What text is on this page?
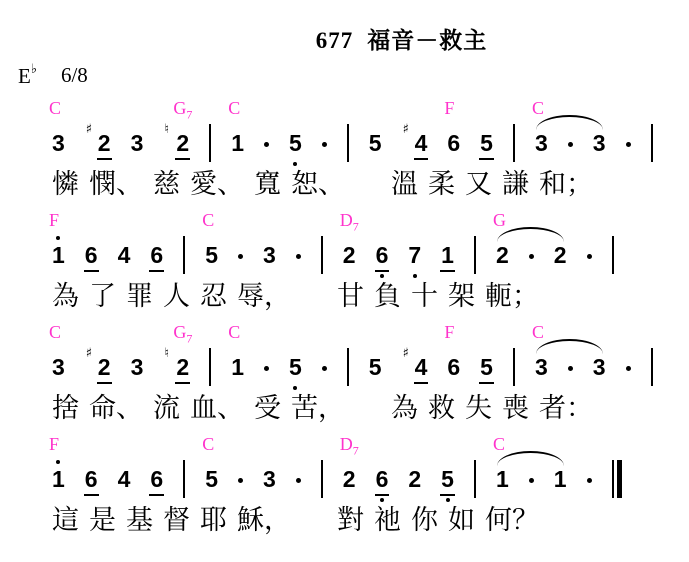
677 福音－救主
E♭ 6/8
3
C
♯
2 3
♮
2
$G_7$
1
C
5	5
♯
4 6
F
5 3
C
3
憐 憫、 慈 愛、 寬 恕、 溫 柔 又 謙 和；
1
F
6 4 6 5
C
3	2
$D_7$
6 7 1 2
G
2
為 了 罪 人 忍 辱， 甘 負 十 架 軛；
3
C
♯
2 3
♮
2
$G_7$
1
C
5	5
♯
4 6
F
5 3
C
3
捨 命、 流 血、 受 苦， 為 救 失 喪 者：
1
F
6 4 6 5
C
3	2
$D_7$
6 2 5 1
C
1
這 是 基 督 耶 穌， 對 祂 你 如 何？
